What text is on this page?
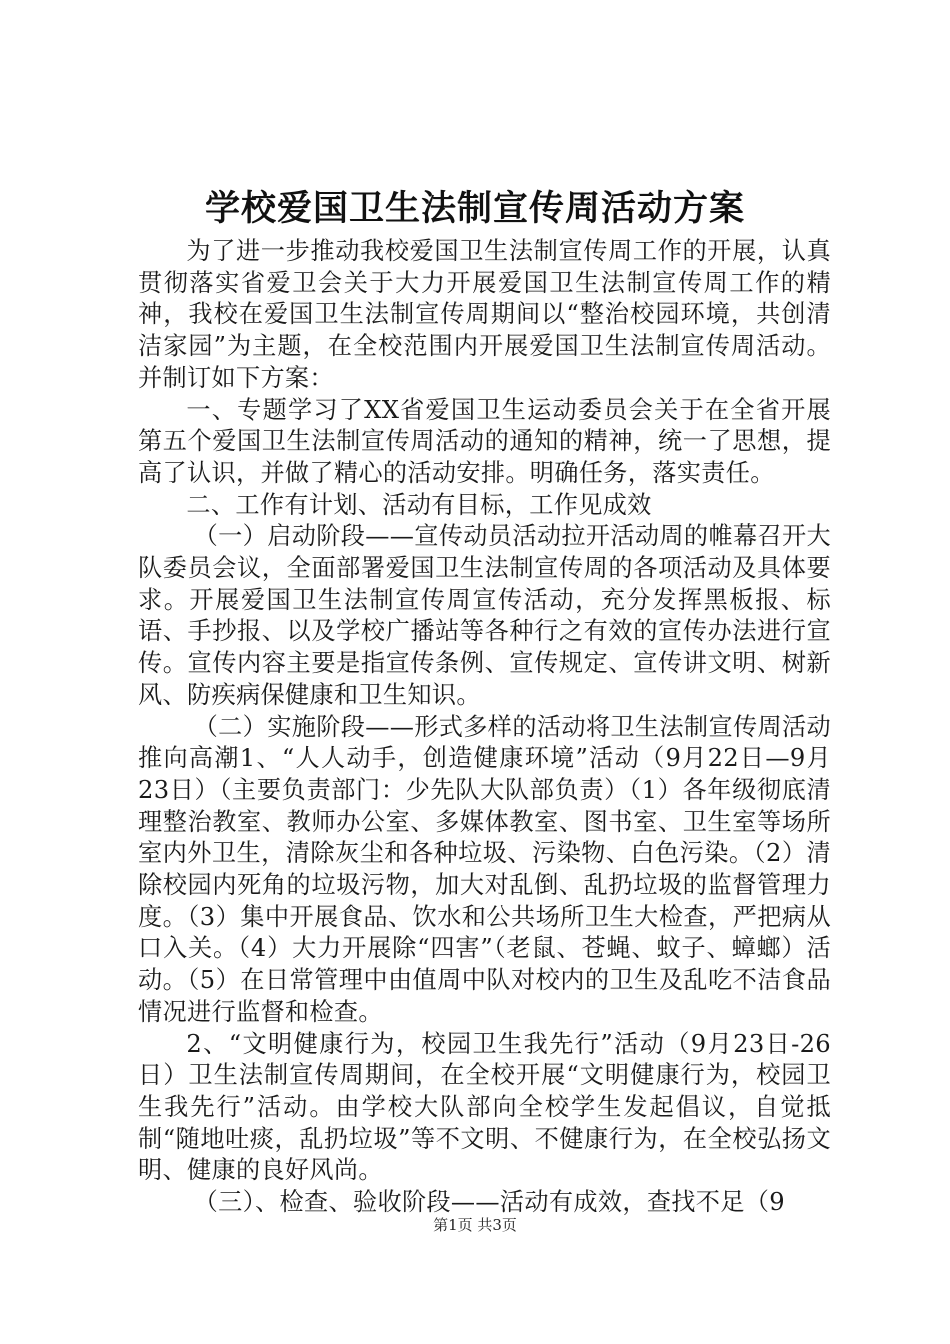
学校爱国卫生法制宣传周活动方案

为了进一步推动我校爱国卫生法制宣传周工作的开展，认真贯彻落实省爱卫会关于大力开展爱国卫生法制宣传周工作的精神，我校在爱国卫生法制宣传周期间以“整治校园环境，共创清洁家园”为主题，在全校范围内开展爱国卫生法制宣传周活动。并制订如下方案：

一、专题学习了XX省爱国卫生运动委员会关于在全省开展第五个爱国卫生法制宣传周活动的通知的精神，统一了思想，提高了认识，并做了精心的活动安排。明确任务，落实责任。

二、工作有计划、活动有目标，工作见成效

（一）启动阶段——宣传动员活动拉开活动周的帷幕召开大队委员会议，全面部署爱国卫生法制宣传周的各项活动及具体要求。开展爱国卫生法制宣传周宣传活动，充分发挥黑板报、标语、手抄报、以及学校广播站等各种行之有效的宣传办法进行宣传。宣传内容主要是指宣传条例、宣传规定、宣传讲文明、树新风、防疾病保健康和卫生知识。

（二）实施阶段——形式多样的活动将卫生法制宣传周活动推向高潮1、“人人动手，创造健康环境”活动（9月22日—9月23日）（主要负责部门：少先队大队部负责）（1）各年级彻底清理整治教室、教师办公室、多媒体教室、图书室、卫生室等场所室内外卫生，清除灰尘和各种垃圾、污染物、白色污染。（2）清除校园内死角的垃圾污物，加大对乱倒、乱扔垃圾的监督管理力度。（3）集中开展食品、饮水和公共场所卫生大检查，严把病从口入关。（4）大力开展除“四害”（老鼠、苍蝇、蚊子、蟑螂）活动。（5）在日常管理中由值周中队对校内的卫生及乱吃不洁食品情况进行监督和检查。

2、“文明健康行为，校园卫生我先行”活动（9月23日-26日）卫生法制宣传周期间，在全校开展“文明健康行为，校园卫生我先行”活动。由学校大队部向全校学生发起倡议，自觉抵制“随地吐痰，乱扔垃圾”等不文明、不健康行为，在全校弘扬文明、健康的良好风尚。

（三）、检查、验收阶段——活动有成效，查找不足（9

第1页 共3页
